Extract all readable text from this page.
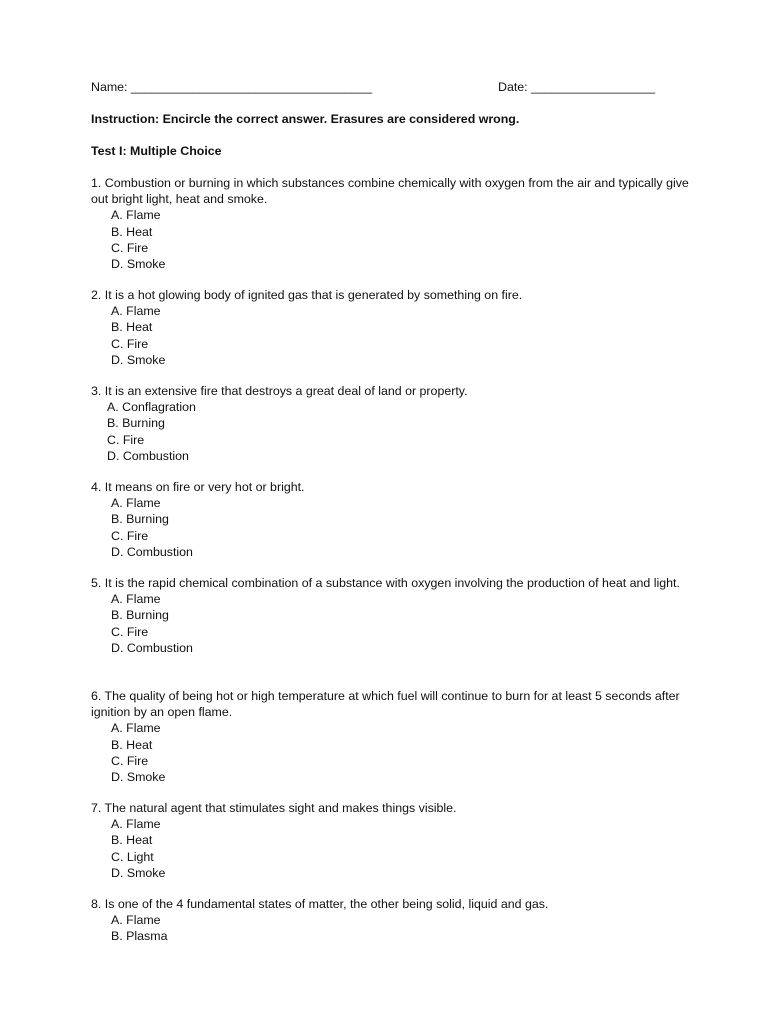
Name: ___________________________________	Date: __________________
Instruction: Encircle the correct answer. Erasures are considered wrong.
Test I: Multiple Choice
1. Combustion or burning in which substances combine chemically with oxygen from the air and typically give out bright light, heat and smoke.
A. Flame
B. Heat
C. Fire
D. Smoke
2. It is a hot glowing body of ignited gas that is generated by something on fire.
A. Flame
B. Heat
C. Fire
D. Smoke
3. It is an extensive fire that destroys a great deal of land or property.
A. Conflagration
B. Burning
C. Fire
D. Combustion
4. It means on fire or very hot or bright.
A. Flame
B. Burning
C. Fire
D. Combustion
5. It is the rapid chemical combination of a substance with oxygen involving the production of heat and light.
A. Flame
B. Burning
C. Fire
D. Combustion
6. The quality of being hot or high temperature at which fuel will continue to burn for at least 5 seconds after ignition by an open flame.
A. Flame
B. Heat
C. Fire
D. Smoke
7. The natural agent that stimulates sight and makes things visible.
A. Flame
B. Heat
C. Light
D. Smoke
8. Is one of the 4 fundamental states of matter, the other being solid, liquid and gas.
A. Flame
B. Plasma
